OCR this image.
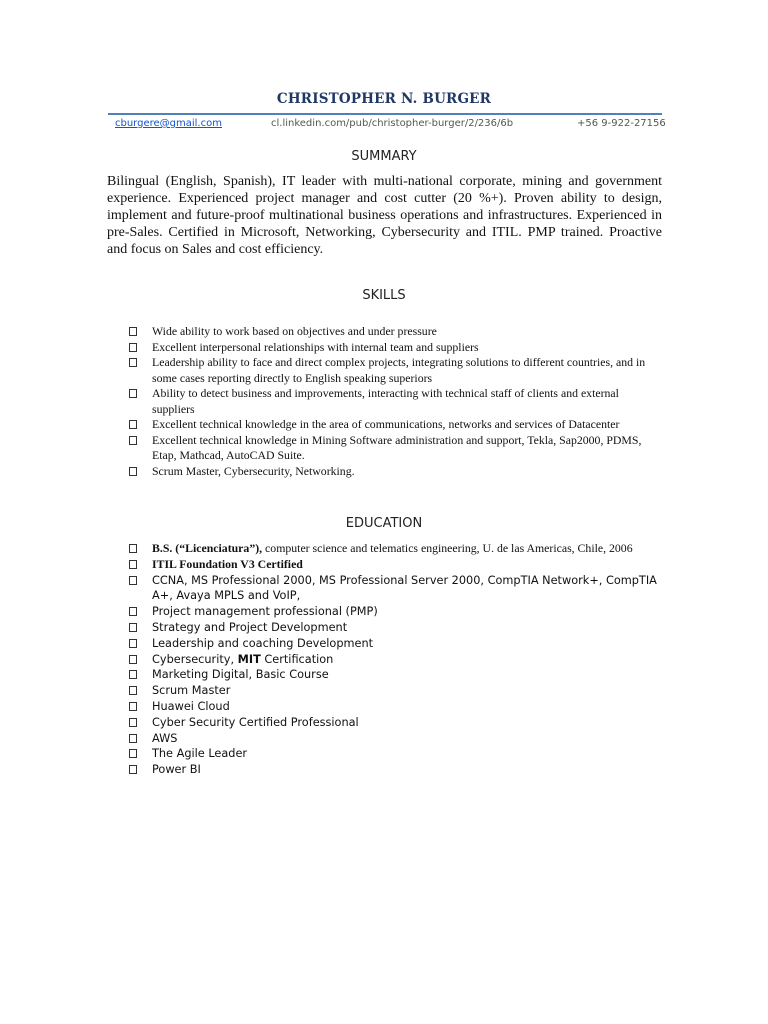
CHRISTOPHER N. BURGER
cburgere@gmail.com	cl.linkedin.com/pub/christopher-burger/2/236/6b	+56 9-922-27156
SUMMARY
Bilingual (English, Spanish), IT leader with multi-national corporate, mining and government experience. Experienced project manager and cost cutter (20 %+). Proven ability to design, implement and future-proof multinational business operations and infrastructures. Experienced in pre-Sales. Certified in Microsoft, Networking, Cybersecurity and ITIL. PMP trained. Proactive and focus on Sales and cost efficiency.
SKILLS
Wide ability to work based on objectives and under pressure
Excellent interpersonal relationships with internal team and suppliers
Leadership ability to face and direct complex projects, integrating solutions to different countries, and in some cases reporting directly to English speaking superiors
Ability to detect business and improvements, interacting with technical staff of clients and external suppliers
Excellent technical knowledge in the area of communications, networks and services of Datacenter
Excellent technical knowledge in Mining Software administration and support, Tekla, Sap2000, PDMS, Etap, Mathcad, AutoCAD Suite.
Scrum Master, Cybersecurity, Networking.
EDUCATION
B.S. (“Licenciatura”), computer science and telematics engineering, U. de las Americas, Chile, 2006
ITIL Foundation V3 Certified
CCNA, MS Professional 2000, MS Professional Server 2000, CompTIA Network+, CompTIA A+, Avaya MPLS and VoIP,
Project management professional (PMP)
Strategy and Project Development
Leadership and coaching Development
Cybersecurity, MIT Certification
Marketing Digital, Basic Course
Scrum Master
Huawei Cloud
Cyber Security Certified Professional
AWS
The Agile Leader
Power BI
